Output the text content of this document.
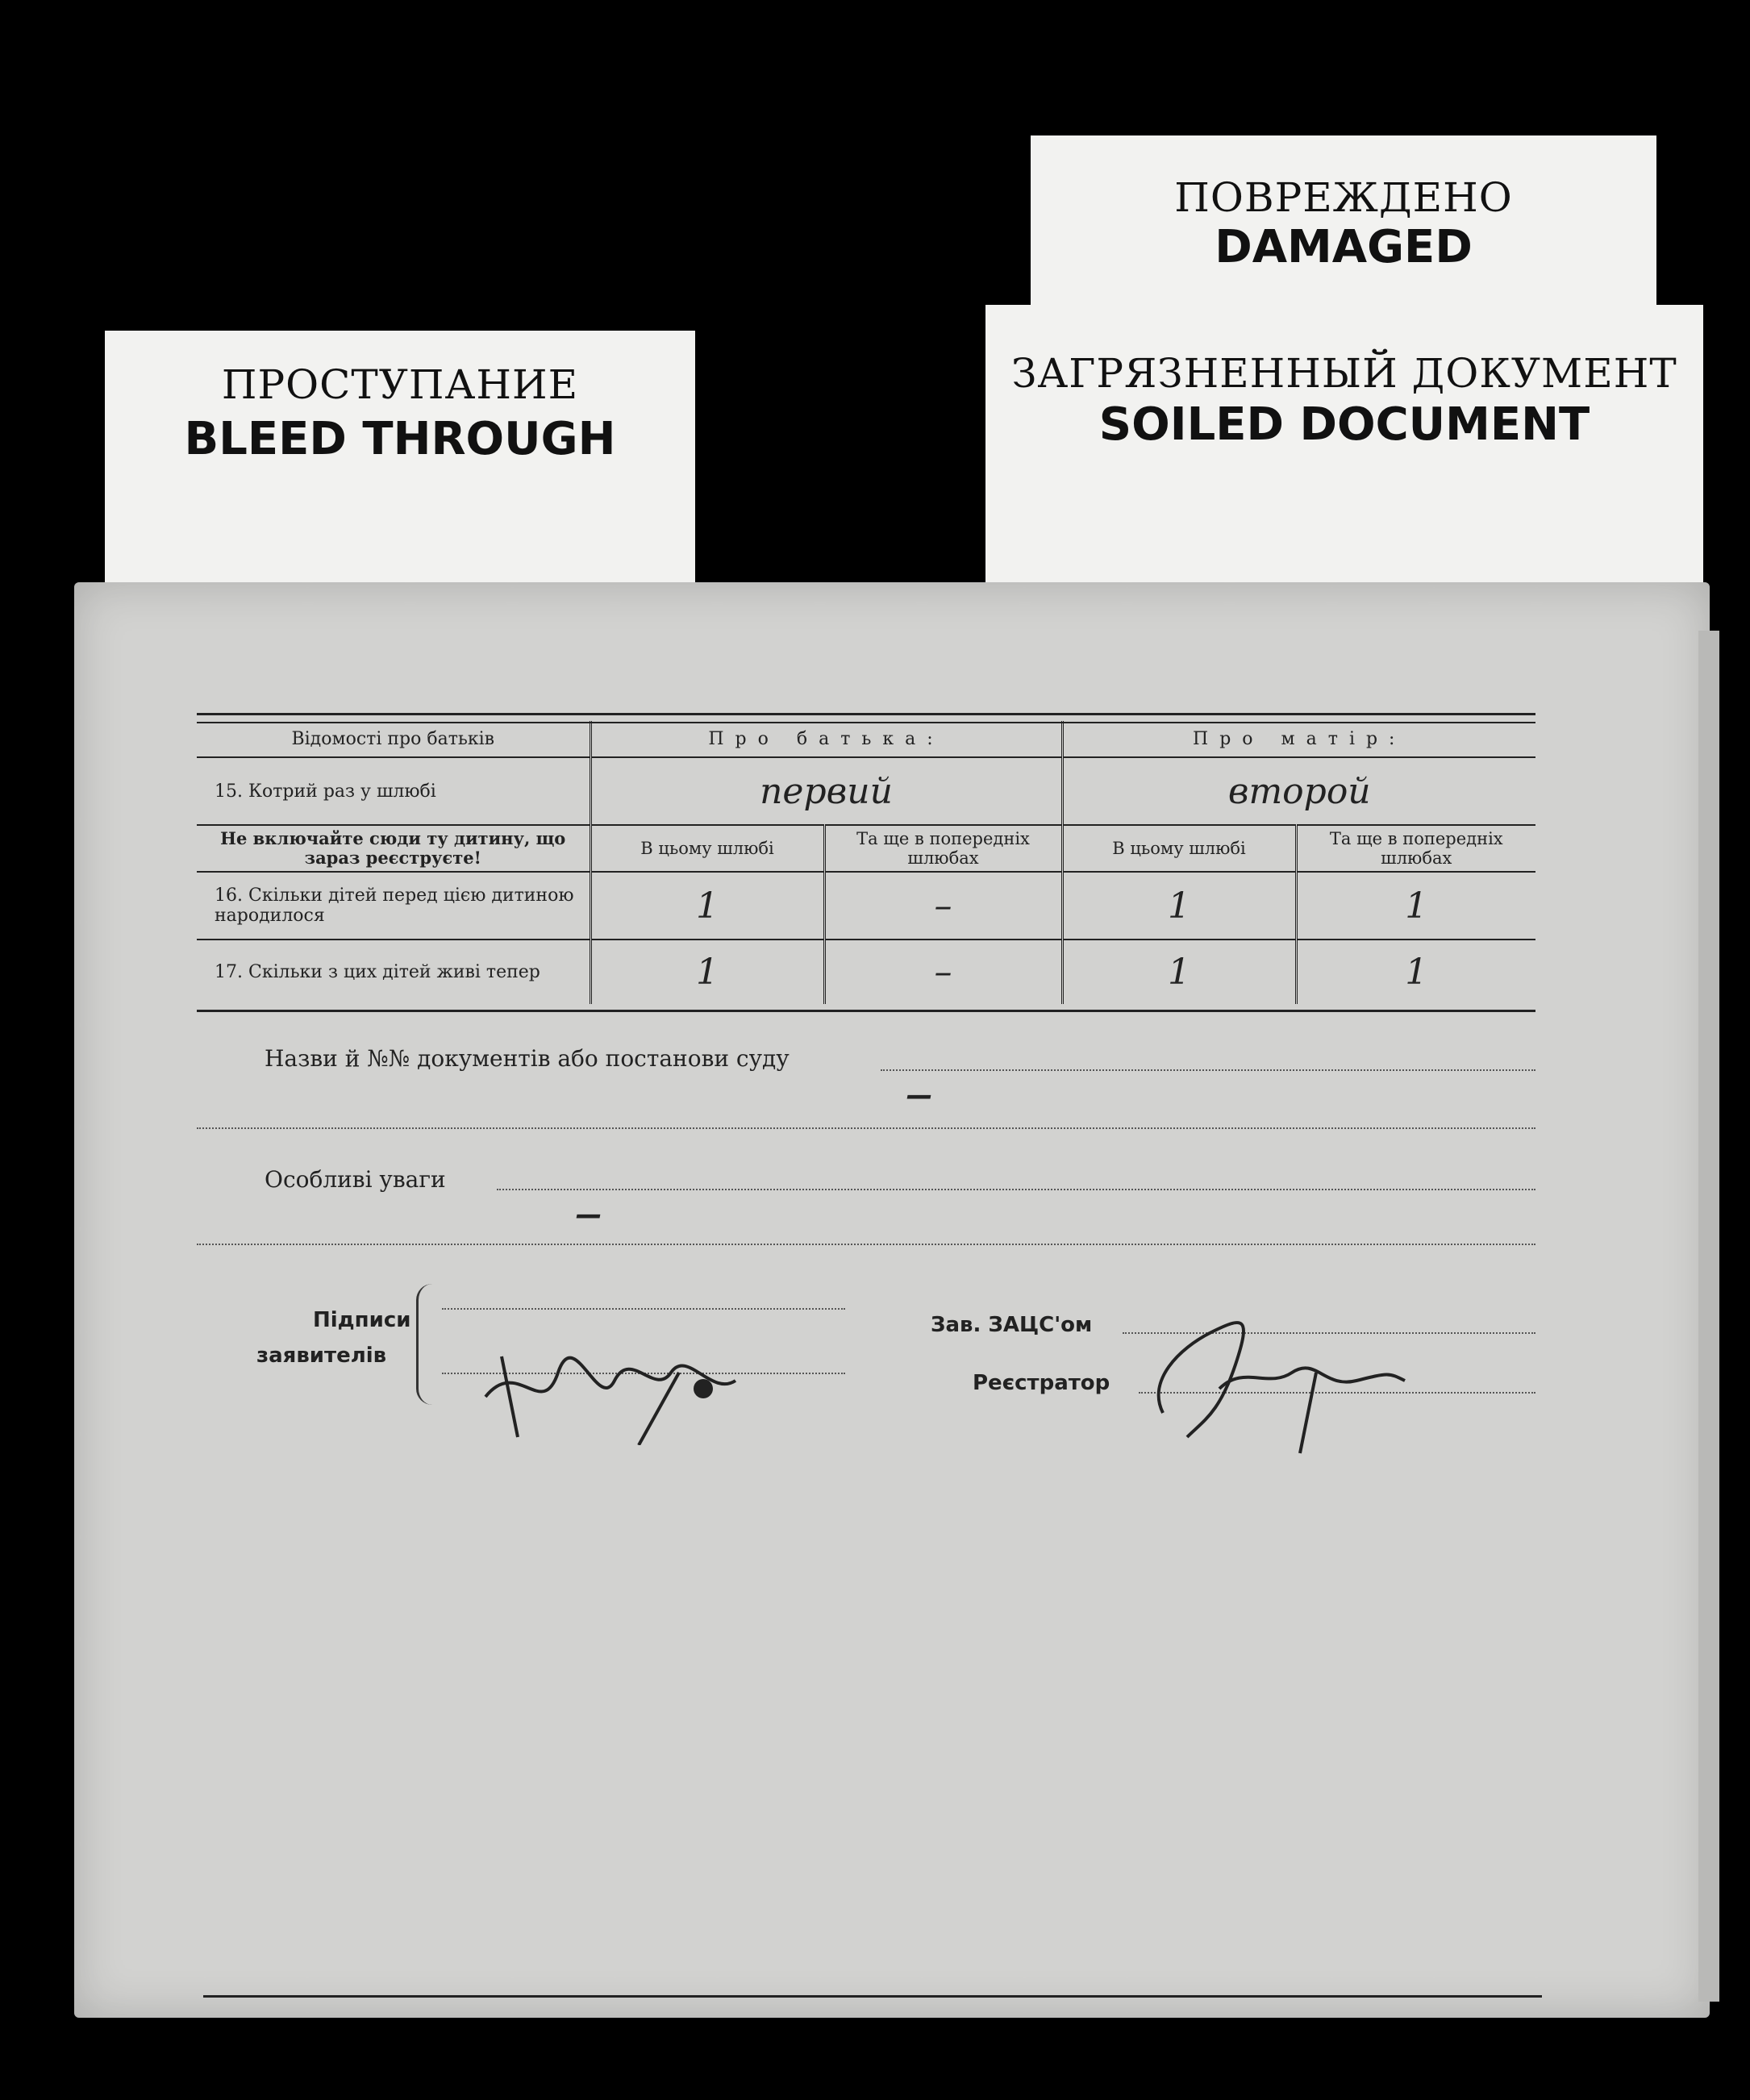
ПРОСТУПАНИЕ
BLEED THROUGH
ПОВРЕЖДЕНО
DAMAGED
ЗАГРЯЗНЕННЫЙ ДОКУМЕНТ
SOILED DOCUMENT
Відомості про батьків	Про батька:		Про матір:	
15. Котрий раз у шлюбі	первий		второй	
Не включайте сюди ту дитину, що зараз реєструєте!	В цьому шлюбі	Та ще в попередніх шлюбах	В цьому шлюбі	Та ще в попередніх шлюбах
16. Скільки дітей перед цією дитиною народилося	1	–	1	1
17. Скільки з цих дітей живі тепер	1	–	1	1
Назви й №№ документів або постанови суду
–
Особливі уваги –
Підписи
заявителів
Зав. ЗАЦС'ом
Реєстратор
